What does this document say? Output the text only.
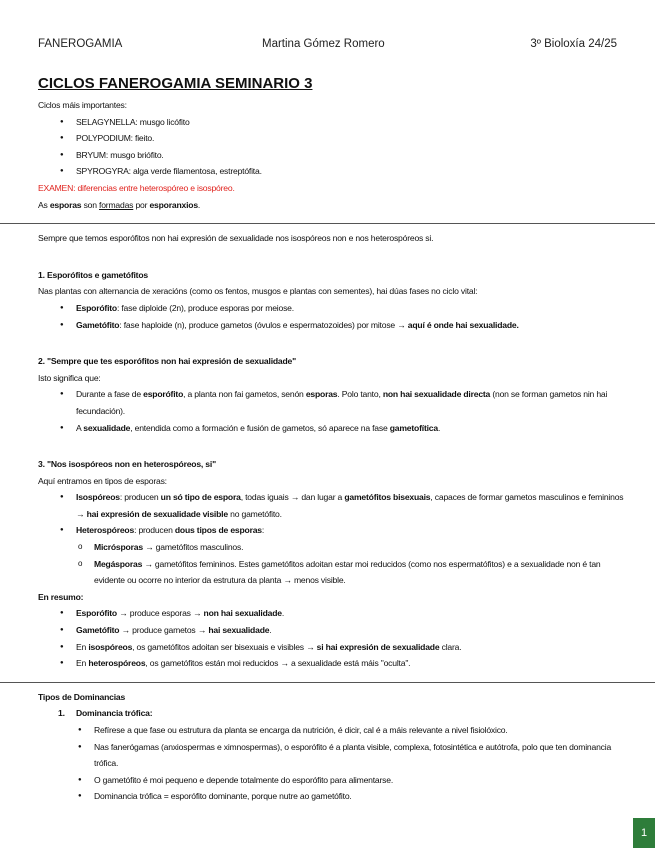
FANEROGAMIA	Martina Gómez Romero	3º Bioloxía 24/25
CICLOS FANEROGAMIA SEMINARIO 3

Ciclos máis importantes:

● SELAGYNELLA: musgo licófito
● POLYPODIUM: fieito.
● BRYUM: musgo briófito.
● SPYROGYRA: alga verde filamentosa, estreptófita.

EXAMEN: diferencias entre heterospóreo e isospóreo.

As esporas son formadas por esporanxios.

Sempre que temos esporófitos non hai expresión de sexualidade nos isospóreos non e nos heterospóreos si.

1. Esporófitos e gametófitos

Nas plantas con alternancia de xeracións (como os fentos, musgos e plantas con sementes), hai dúas fases no ciclo vital:

● Esporófito: fase diploide (2n), produce esporas por meiose.
● Gametófito: fase haploide (n), produce gametos (óvulos e espermatozoides) por mitose → aquí é onde hai sexualidade.

2. "Sempre que tes esporófitos non hai expresión de sexualidade"

Isto significa que:

● Durante a fase de esporófito, a planta non fai gametos, senón esporas. Polo tanto, non hai sexualidade directa (non se forman gametos nin hai fecundación).
● A sexualidade, entendida como a formación e fusión de gametos, só aparece na fase gametofítica.

3. "Nos isospóreos non en heterospóreos, si"

Aquí entramos en tipos de esporas:

● Isospóreos: producen un só tipo de espora, todas iguais → dan lugar a gametófitos bisexuais, capaces de formar gametos masculinos e femininos → hai expresión de sexualidade visible no gametófito.
● Heterospóreos: producen dous tipos de esporas:
o Micrósporas → gametófitos masculinos.
o Megásporas → gametófitos femininos. Estes gametófitos adoitan estar moi reducidos (como nos espermatófitos) e a sexualidade non é tan evidente ou ocorre no interior da estrutura da planta → menos visible.

En resumo:

● Esporófito → produce esporas → non hai sexualidade.
● Gametófito → produce gametos → hai sexualidade.
● En isospóreos, os gametófitos adoitan ser bisexuais e visibles → si hai expresión de sexualidade clara.
● En heterospóreos, os gametófitos están moi reducidos → a sexualidade está máis "oculta".

Tipos de Dominancias

1. Dominancia trófica:
● Refírese a que fase ou estrutura da planta se encarga da nutrición, é dicir, cal é a máis relevante a nivel fisiolóxico.
● Nas fanerógamas (anxiospermas e ximnospermas), o esporófito é a planta visible, complexa, fotosintética e autótrofa, polo que ten dominancia trófica.
● O gametófito é moi pequeno e depende totalmente do esporófito para alimentarse.
● Dominancia trófica = esporófito dominante, porque nutre ao gametófito.
1
